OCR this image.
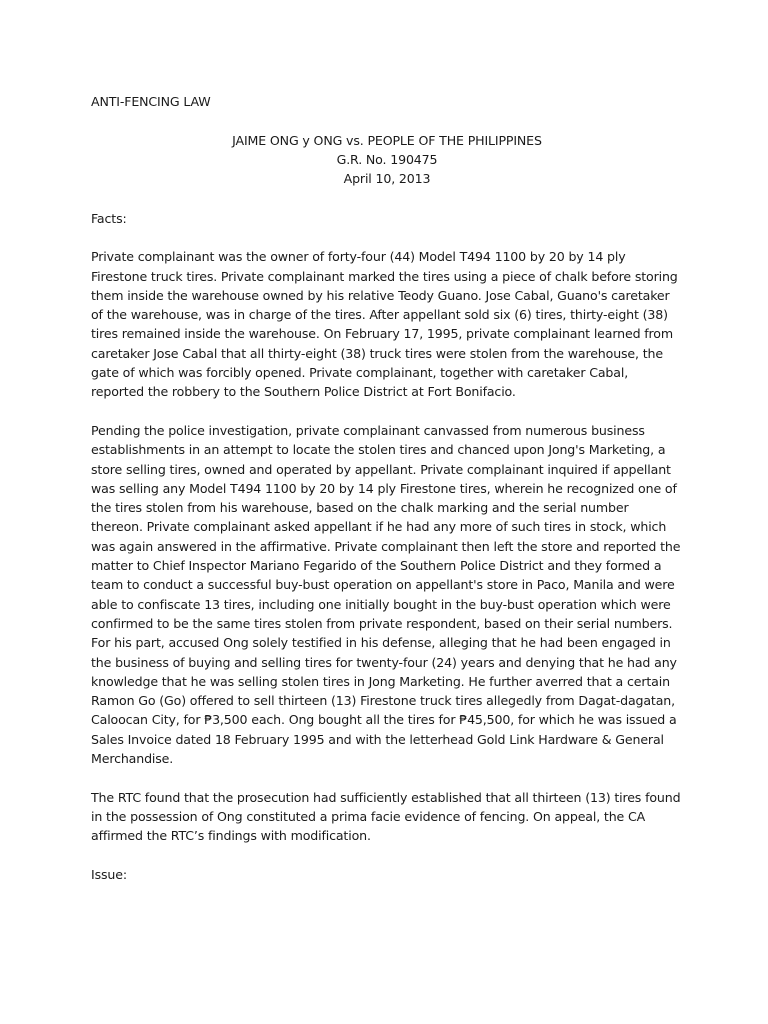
ANTI-FENCING LAW

JAIME ONG y ONG vs. PEOPLE OF THE PHILIPPINES
G.R. No. 190475
April 10, 2013

Facts:

Private complainant was the owner of forty-four (44) Model T494 1100 by 20 by 14 ply Firestone truck tires. Private complainant marked the tires using a piece of chalk before storing them inside the warehouse owned by his relative Teody Guano. Jose Cabal, Guano's caretaker of the warehouse, was in charge of the tires. After appellant sold six (6) tires, thirty-eight (38) tires remained inside the warehouse. On February 17, 1995, private complainant learned from caretaker Jose Cabal that all thirty-eight (38) truck tires were stolen from the warehouse, the gate of which was forcibly opened. Private complainant, together with caretaker Cabal, reported the robbery to the Southern Police District at Fort Bonifacio.

Pending the police investigation, private complainant canvassed from numerous business establishments in an attempt to locate the stolen tires and chanced upon Jong's Marketing, a store selling tires, owned and operated by appellant. Private complainant inquired if appellant was selling any Model T494 1100 by 20 by 14 ply Firestone tires, wherein he recognized one of the tires stolen from his warehouse, based on the chalk marking and the serial number thereon. Private complainant asked appellant if he had any more of such tires in stock, which was again answered in the affirmative. Private complainant then left the store and reported the matter to Chief Inspector Mariano Fegarido of the Southern Police District and they formed a team to conduct a successful buy-bust operation on appellant's store in Paco, Manila and were able to confiscate 13 tires, including one initially bought in the buy-bust operation which were confirmed to be the same tires stolen from private respondent, based on their serial numbers. For his part, accused Ong solely testified in his defense, alleging that he had been engaged in the business of buying and selling tires for twenty-four (24) years and denying that he had any knowledge that he was selling stolen tires in Jong Marketing. He further averred that a certain Ramon Go (Go) offered to sell thirteen (13) Firestone truck tires allegedly from Dagat-dagatan, Caloocan City, for ₱3,500 each. Ong bought all the tires for ₱45,500, for which he was issued a Sales Invoice dated 18 February 1995 and with the letterhead Gold Link Hardware & General Merchandise.

The RTC found that the prosecution had sufficiently established that all thirteen (13) tires found in the possession of Ong constituted a prima facie evidence of fencing. On appeal, the CA affirmed the RTC’s findings with modification.

Issue:
